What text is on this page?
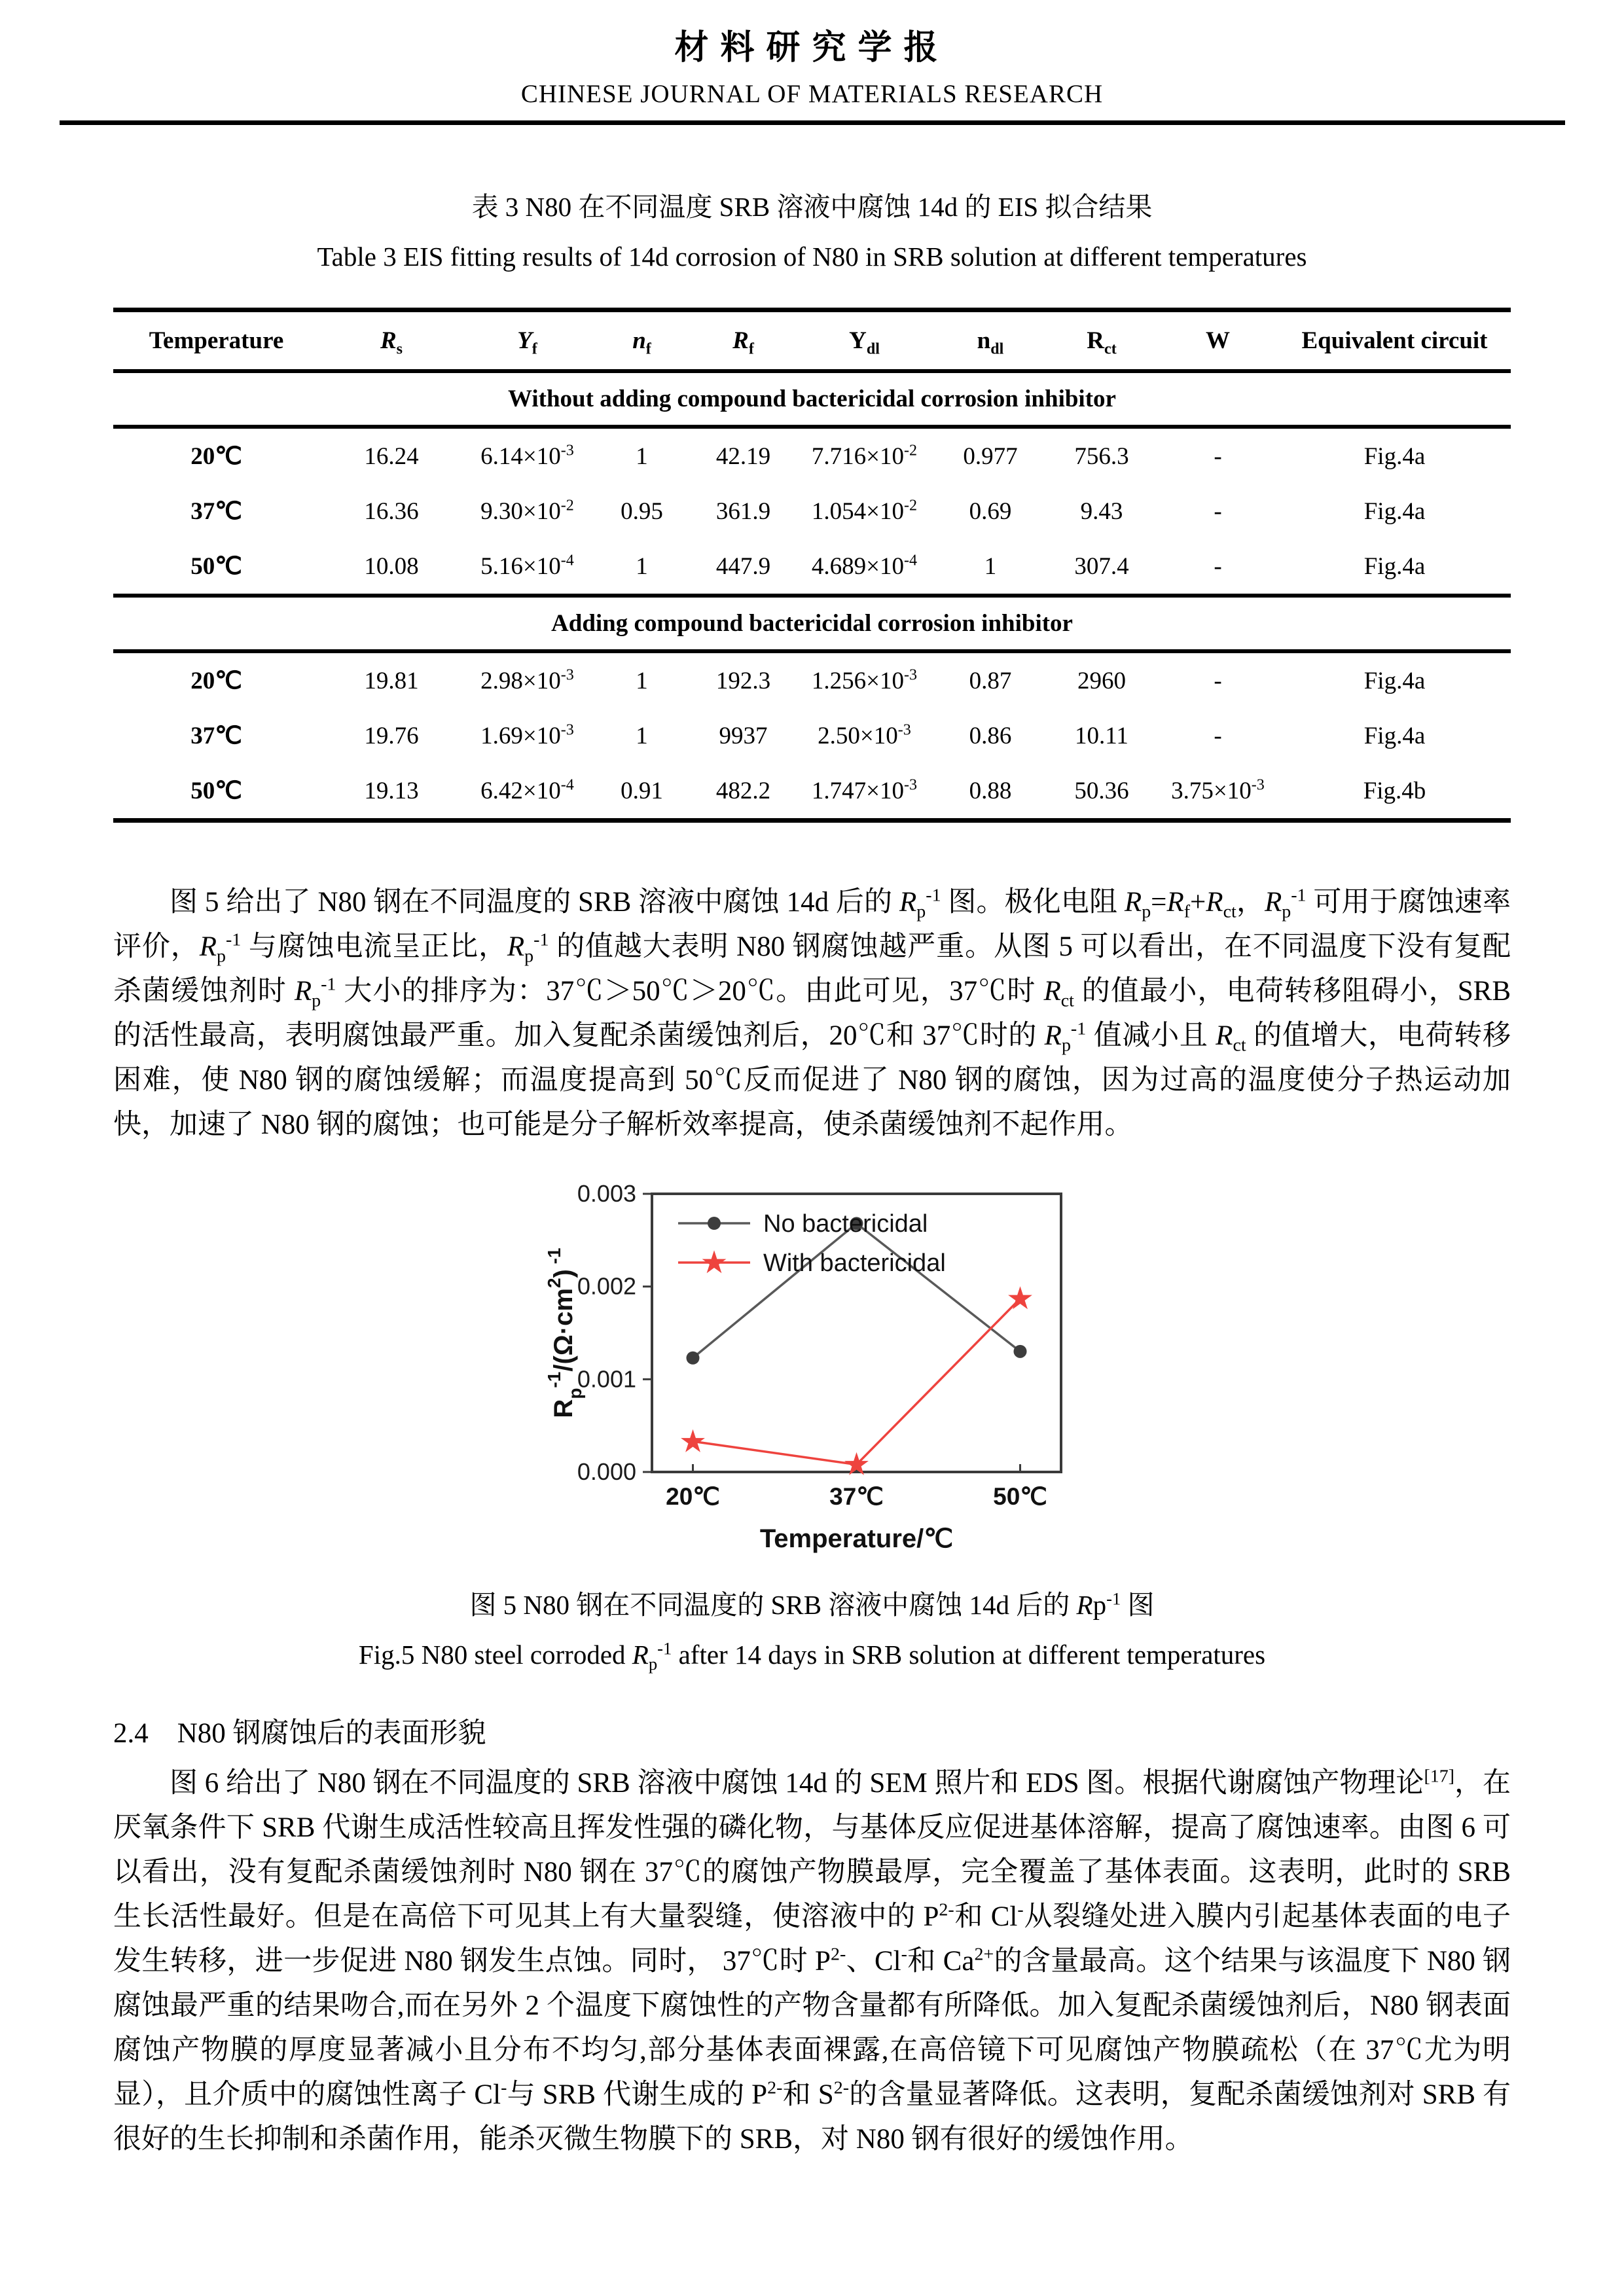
材料研究学报
CHINESE JOURNAL OF MATERIALS RESEARCH
表 3 N80 在不同温度 SRB 溶液中腐蚀 14d 的 EIS 拟合结果
Table 3 EIS fitting results of 14d corrosion of N80 in SRB solution at different temperatures
Temperature	$R_s$	$Y_f$	$n_f$	$R_f$	$Y_{dl}$	$n_{dl}$	$R_{ct}$	W	Equivalent circuit
Without adding compound bactericidal corrosion inhibitor									
20℃	16.24	$6.14\times 10^{-3}$	1	42.19	$7.716\times 10^{-2}$	0.977	756.3	-	Fig.4a
37℃	16.36	$9.30\times 10^{-2}$	0.95	361.9	$1.054\times 10^{-2}$	0.69	9.43	-	Fig.4a
50℃	10.08	$5.16\times 10^{-4}$	1	447.9	$4.689\times 10^{-4}$	1	307.4	-	Fig.4a
Adding compound bactericidal corrosion inhibitor									
20℃	19.81	$2.98\times 10^{-3}$	1	192.3	$1.256\times 10^{-3}$	0.87	2960	-	Fig.4a
37℃	19.76	$1.69\times 10^{-3}$	1	9937	$2.50\times 10^{-3}$	0.86	10.11	-	Fig.4a
50℃	19.13	$6.42\times 10^{-4}$	0.91	482.2	$1.747\times 10^{-3}$	0.88	50.36	$3.75\times 10^{-3}$	Fig.4b

图 5 给出了 N80 钢在不同温度的 SRB 溶液中腐蚀 14d 后的 $R_p^{-1}$ 图。极化电阻 $R_p=R_f+R_{ct}$，$R_p^{-1}$ 可用于腐蚀速率评价，$R_p^{-1}$ 与腐蚀电流呈正比，$R_p^{-1}$ 的值越大表明 N80 钢腐蚀越严重。从图 5 可以看出，在不同温度下没有复配杀菌缓蚀剂时 $R_p^{-1}$ 大小的排序为：37℃＞50℃＞20℃。由此可见，37℃时 $R_{ct}$ 的值最小，电荷转移阻碍小，SRB 的活性最高，表明腐蚀最严重。加入复配杀菌缓蚀剂后，20℃和 37℃时的 $R_p^{-1}$ 值减小且 $R_{ct}$ 的值增大，电荷转移困难，使 N80 钢的腐蚀缓解；而温度提高到 50℃反而促进了 N80 钢的腐蚀，因为过高的温度使分子热运动加快，加速了 N80 钢的腐蚀；也可能是分子解析效率提高，使杀菌缓蚀剂不起作用。

0.000
0.001
0.002
0.003
20℃	37℃	50℃
Temperature/℃
$R_p^{-1}/(\Omega\cdot cm^2)$ $^{-1}$
★
★
★
No bactericidal
★ With bactericidal
图 5 N80 钢在不同温度的 SRB 溶液中腐蚀 14d 后的 $Rp^{-1}$ 图
Fig.5 N80 steel corroded $R_p^{-1}$ after 14 days in SRB solution at different temperatures
2.4 N80 钢腐蚀后的表面形貌

图 6 给出了 N80 钢在不同温度的 SRB 溶液中腐蚀 14d 的 SEM 照片和 EDS 图。根据代谢腐蚀产物理论[17]，在厌氧条件下 SRB 代谢生成活性较高且挥发性强的磷化物，与基体反应促进基体溶解，提高了腐蚀速率。由图 6 可以看出，没有复配杀菌缓蚀剂时 N80 钢在 37℃的腐蚀产物膜最厚，完全覆盖了基体表面。这表明，此时的 SRB 生长活性最好。但是在高倍下可见其上有大量裂缝，使溶液中的 $P^{2-}$和 Cl-从裂缝处进入膜内引起基体表面的电子发生转移，进一步促进 N80 钢发生点蚀。同时， 37℃时 $P^{2-}$、Cl-和 $Ca^{2+}$的含量最高。这个结果与该温度下 N80 钢腐蚀最严重的结果吻合,而在另外 2 个温度下腐蚀性的产物含量都有所降低。加入复配杀菌缓蚀剂后，N80 钢表面腐蚀产物膜的厚度显著减小且分布不均匀,部分基体表面裸露,在高倍镜下可见腐蚀产物膜疏松（在 37℃尤为明显），且介质中的腐蚀性离子 Cl-与 SRB 代谢生成的 $P^{2-}$和 $S^{2-}$的含量显著降低。这表明，复配杀菌缓蚀剂对 SRB 有很好的生长抑制和杀菌作用，能杀灭微生物膜下的 SRB，对 N80 钢有很好的缓蚀作用。
